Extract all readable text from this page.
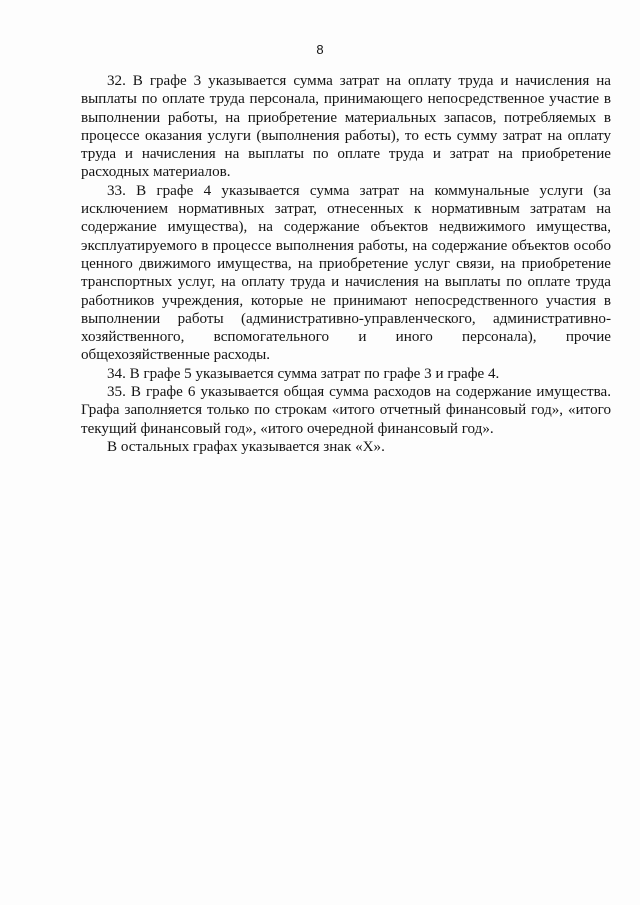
8
32. В графе 3 указывается сумма затрат на оплату труда и начисления на
выплаты по оплате труда персонала, принимающего непосредственное участие в
выполнении работы, на приобретение материальных запасов, потребляемых в
процессе оказания услуги (выполнения работы), то есть сумму затрат на оплату
труда и начисления на выплаты по оплате труда и затрат на приобретение
расходных материалов.
33. В графе 4 указывается сумма затрат на коммунальные услуги (за
исключением нормативных затрат, отнесенных к нормативным затратам на
содержание имущества), на содержание объектов недвижимого имущества,
эксплуатируемого в процессе выполнения работы, на содержание объектов особо
ценного движимого имущества, на приобретение услуг связи, на приобретение
транспортных услуг, на оплату труда и начисления на выплаты по оплате труда
работников учреждения, которые не принимают непосредственного участия в
выполнении работы (административно-управленческого, административно-
хозяйственного, вспомогательного и иного персонала), прочие
общехозяйственные расходы.
34. В графе 5 указывается сумма затрат по графе 3 и графе 4.
35. В графе 6 указывается общая сумма расходов на содержание имущества.
Графа заполняется только по строкам «итого отчетный финансовый год», «итого
текущий финансовый год», «итого очередной финансовый год».
В остальных графах указывается знак «Х».
